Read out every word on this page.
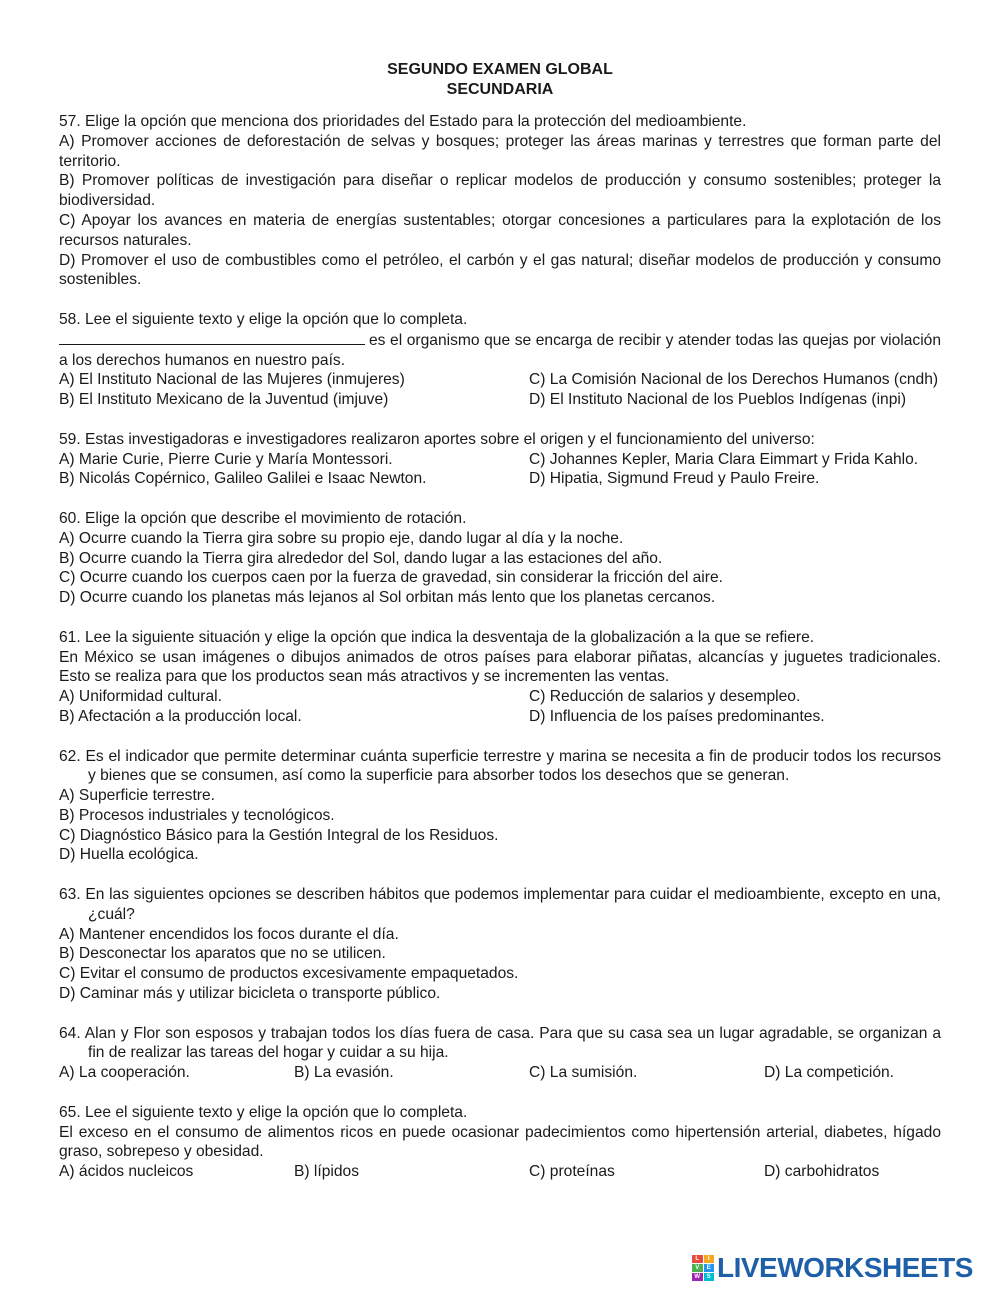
SEGUNDO EXAMEN GLOBAL
SECUNDARIA
57. Elige la opción que menciona dos prioridades del Estado para la protección del medioambiente.
A) Promover acciones de deforestación de selvas y bosques; proteger las áreas marinas y terrestres que forman parte del territorio.
B) Promover políticas de investigación para diseñar o replicar modelos de producción y consumo sostenibles; proteger la biodiversidad.
C) Apoyar los avances en materia de energías sustentables; otorgar concesiones a particulares para la explotación de los recursos naturales.
D) Promover el uso de combustibles como el petróleo, el carbón y el gas natural; diseñar modelos de producción y consumo sostenibles.
58. Lee el siguiente texto y elige la opción que lo completa.
es el organismo que se encarga de recibir y atender todas las quejas por violación a los derechos humanos en nuestro país.
A) El Instituto Nacional de las Mujeres (inmujeres)
B) El Instituto Mexicano de la Juventud (imjuve)
C) La Comisión Nacional de los Derechos Humanos (cndh)
D) El Instituto Nacional de los Pueblos Indígenas (inpi)
59. Estas investigadoras e investigadores realizaron aportes sobre el origen y el funcionamiento del universo:
A) Marie Curie, Pierre Curie y María Montessori.
B) Nicolás Copérnico, Galileo Galilei e Isaac Newton.
C) Johannes Kepler, Maria Clara Eimmart y Frida Kahlo.
D) Hipatia, Sigmund Freud y Paulo Freire.
60. Elige la opción que describe el movimiento de rotación.
A) Ocurre cuando la Tierra gira sobre su propio eje, dando lugar al día y la noche.
B) Ocurre cuando la Tierra gira alrededor del Sol, dando lugar a las estaciones del año.
C) Ocurre cuando los cuerpos caen por la fuerza de gravedad, sin considerar la fricción del aire.
D) Ocurre cuando los planetas más lejanos al Sol orbitan más lento que los planetas cercanos.
61. Lee la siguiente situación y elige la opción que indica la desventaja de la globalización a la que se refiere.
En México se usan imágenes o dibujos animados de otros países para elaborar piñatas, alcancías y juguetes tradicionales. Esto se realiza para que los productos sean más atractivos y se incrementen las ventas.
A) Uniformidad cultural.
B) Afectación a la producción local.
C) Reducción de salarios y desempleo.
D) Influencia de los países predominantes.
62. Es el indicador que permite determinar cuánta superficie terrestre y marina se necesita a fin de producir todos los recursos y bienes que se consumen, así como la superficie para absorber todos los desechos que se generan.
A) Superficie terrestre.
B) Procesos industriales y tecnológicos.
C) Diagnóstico Básico para la Gestión Integral de los Residuos.
D) Huella ecológica.
63. En las siguientes opciones se describen hábitos que podemos implementar para cuidar el medioambiente, excepto en una, ¿cuál?
A) Mantener encendidos los focos durante el día.
B) Desconectar los aparatos que no se utilicen.
C) Evitar el consumo de productos excesivamente empaquetados.
D) Caminar más y utilizar bicicleta o transporte público.
64. Alan y Flor son esposos y trabajan todos los días fuera de casa. Para que su casa sea un lugar agradable, se organizan a fin de realizar las tareas del hogar y cuidar a su hija.
A) La cooperación.	B) La evasión.	C) La sumisión.	D) La competición.
65. Lee el siguiente texto y elige la opción que lo completa.
El exceso en el consumo de alimentos ricos en puede ocasionar padecimientos como hipertensión arterial, diabetes, hígado graso, sobrepeso y obesidad.
A) ácidos nucleicos	B) lípidos	C) proteínas	D) carbohidratos
L	I
V	E
W	S LIVEWORKSHEETS
